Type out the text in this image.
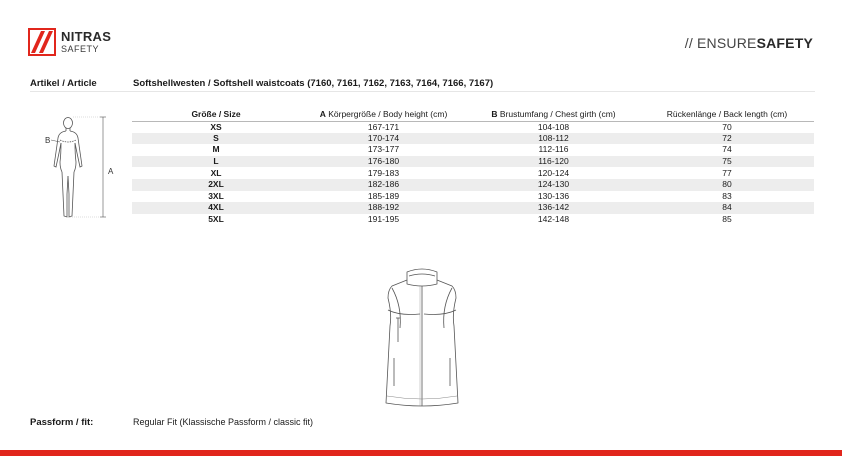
NITRAS
SAFETY	// ENSURESAFETY
Artikel / Article	Softshellwesten / Softshell waistcoats (7160, 7161, 7162, 7163, 7164, 7166, 7167)
B
A
Größe / Size	A Körpergröße / Body height (cm)	B Brustumfang / Chest girth (cm)	Rückenlänge / Back length (cm)
XS	167-171	104-108	70
S	170-174	108-112	72
M	173-177	112-116	74
L	176-180	116-120	75
XL	179-183	120-124	77
2XL	182-186	124-130	80
3XL	185-189	130-136	83
4XL	188-192	136-142	84
5XL	191-195	142-148	85
Passform / fit:	Regular Fit (Klassische Passform / classic fit)
